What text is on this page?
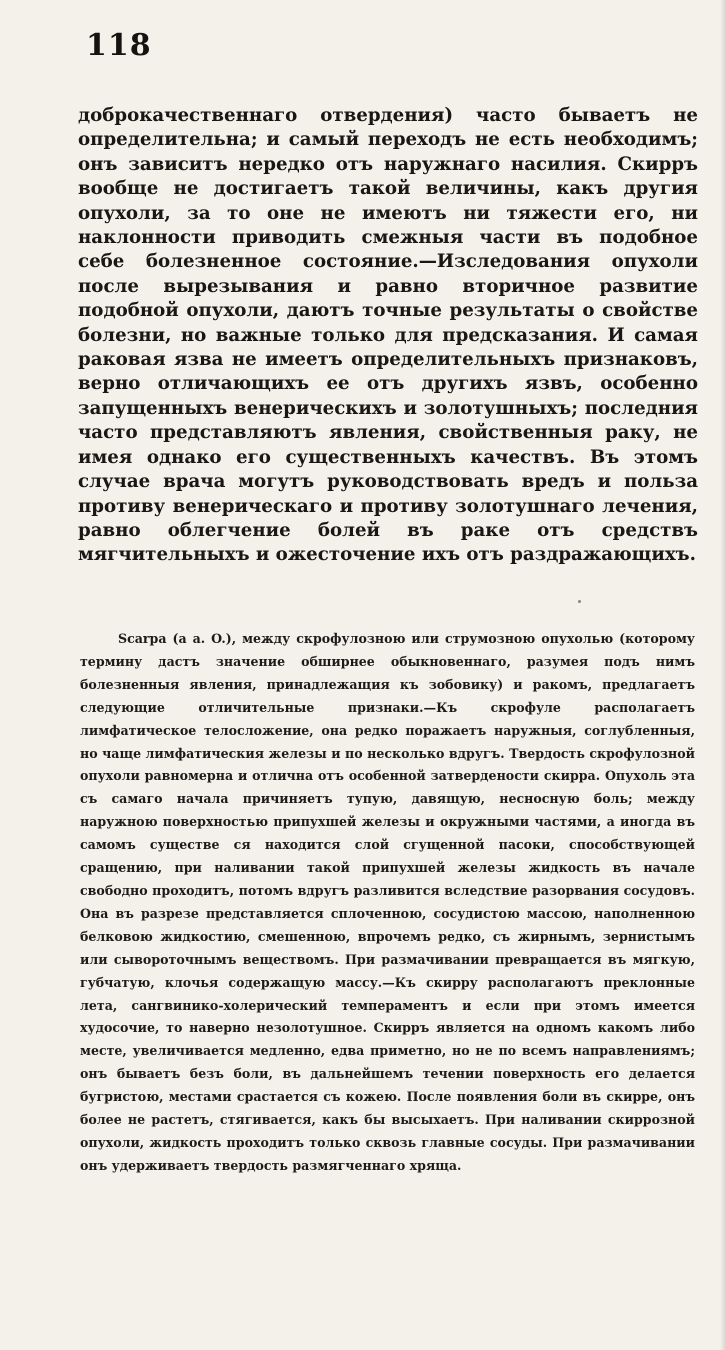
118

доброкачественнаго отвердения) часто бываетъ не определительна; и самый переходъ не есть необходимъ; онъ зависитъ нередко отъ наружнаго насилия. Скирръ вообще не достигаетъ такой величины, какъ другия опухоли, за то оне не имеютъ ни тяжести его, ни наклонности приводить смежныя части въ подобное себе болезненное состояние.—Изследования опухоли после вырезывания и равно вторичное развитие подобной опухоли, даютъ точные результаты о свойстве болезни, но важные только для предсказания. И самая раковая язва не имеетъ определительныхъ признаковъ, верно отличающихъ ее отъ другихъ язвъ, особенно запущенныхъ венерическихъ и золотушныхъ; последния часто представляютъ явления, свойственныя раку, не имея однако его существенныхъ качествъ. Въ этомъ случае врача могутъ руководствовать вредъ и польза противу венерическаго и противу золотушнаго лечения, равно облегчение болей въ раке отъ средствъ мягчительныхъ и ожесточение ихъ отъ раздражающихъ.

Scarpa (a a. O.), между скрофулозною или струмозною опухолью (которому термину дастъ значение обширнее обыкновеннаго, разумея подъ нимъ болезненныя явления, принадлежащия къ зобовику) и ракомъ, предлагаетъ следующие отличительные признаки.—Къ скрофуле располагаетъ лимфатическое телосложение, она редко поражаетъ наружныя, соглубленныя, но чаще лимфатическия железы и по несколько вдругъ. Твердость скрофулозной опухоли равномерна и отлична отъ особенной затвердености скирра. Опухоль эта съ самаго начала причиняетъ тупую, давящую, несносную боль; между наружною поверхностью припухшей железы и окружными частями, а иногда въ самомъ существе ся находится слой сгущенной пасоки, способствующей сращению, при наливании такой припухшей железы жидкость въ начале свободно проходитъ, потомъ вдругъ разливится вследствие разорвания сосудовъ. Она въ разрезе представляется сплоченною, сосудистою массою, наполненною белковою жидкостию, смешенною, впрочемъ редко, съ жирнымъ, зернистымъ или сывороточнымъ веществомъ. При размачивании превращается въ мягкую, губчатую, клочья содержащую массу.—Къ скирру располагаютъ преклонные лета, сангвинико-холерический темпераментъ и если при этомъ имеется худосочие, то наверно незолотушное. Скирръ является на одномъ какомъ либо месте, увеличивается медленно, едва приметно, но не по всемъ направлениямъ; онъ бываетъ безъ боли, въ дальнейшемъ течении поверхность его делается бугристою, местами срастается съ кожею. После появления боли въ скирре, онъ более не растетъ, стягивается, какъ бы высыхаетъ. При наливании скиррозной опухоли, жидкость проходитъ только сквозь главные сосуды. При размачивании онъ удерживаетъ твердость размягченнаго хряща.
